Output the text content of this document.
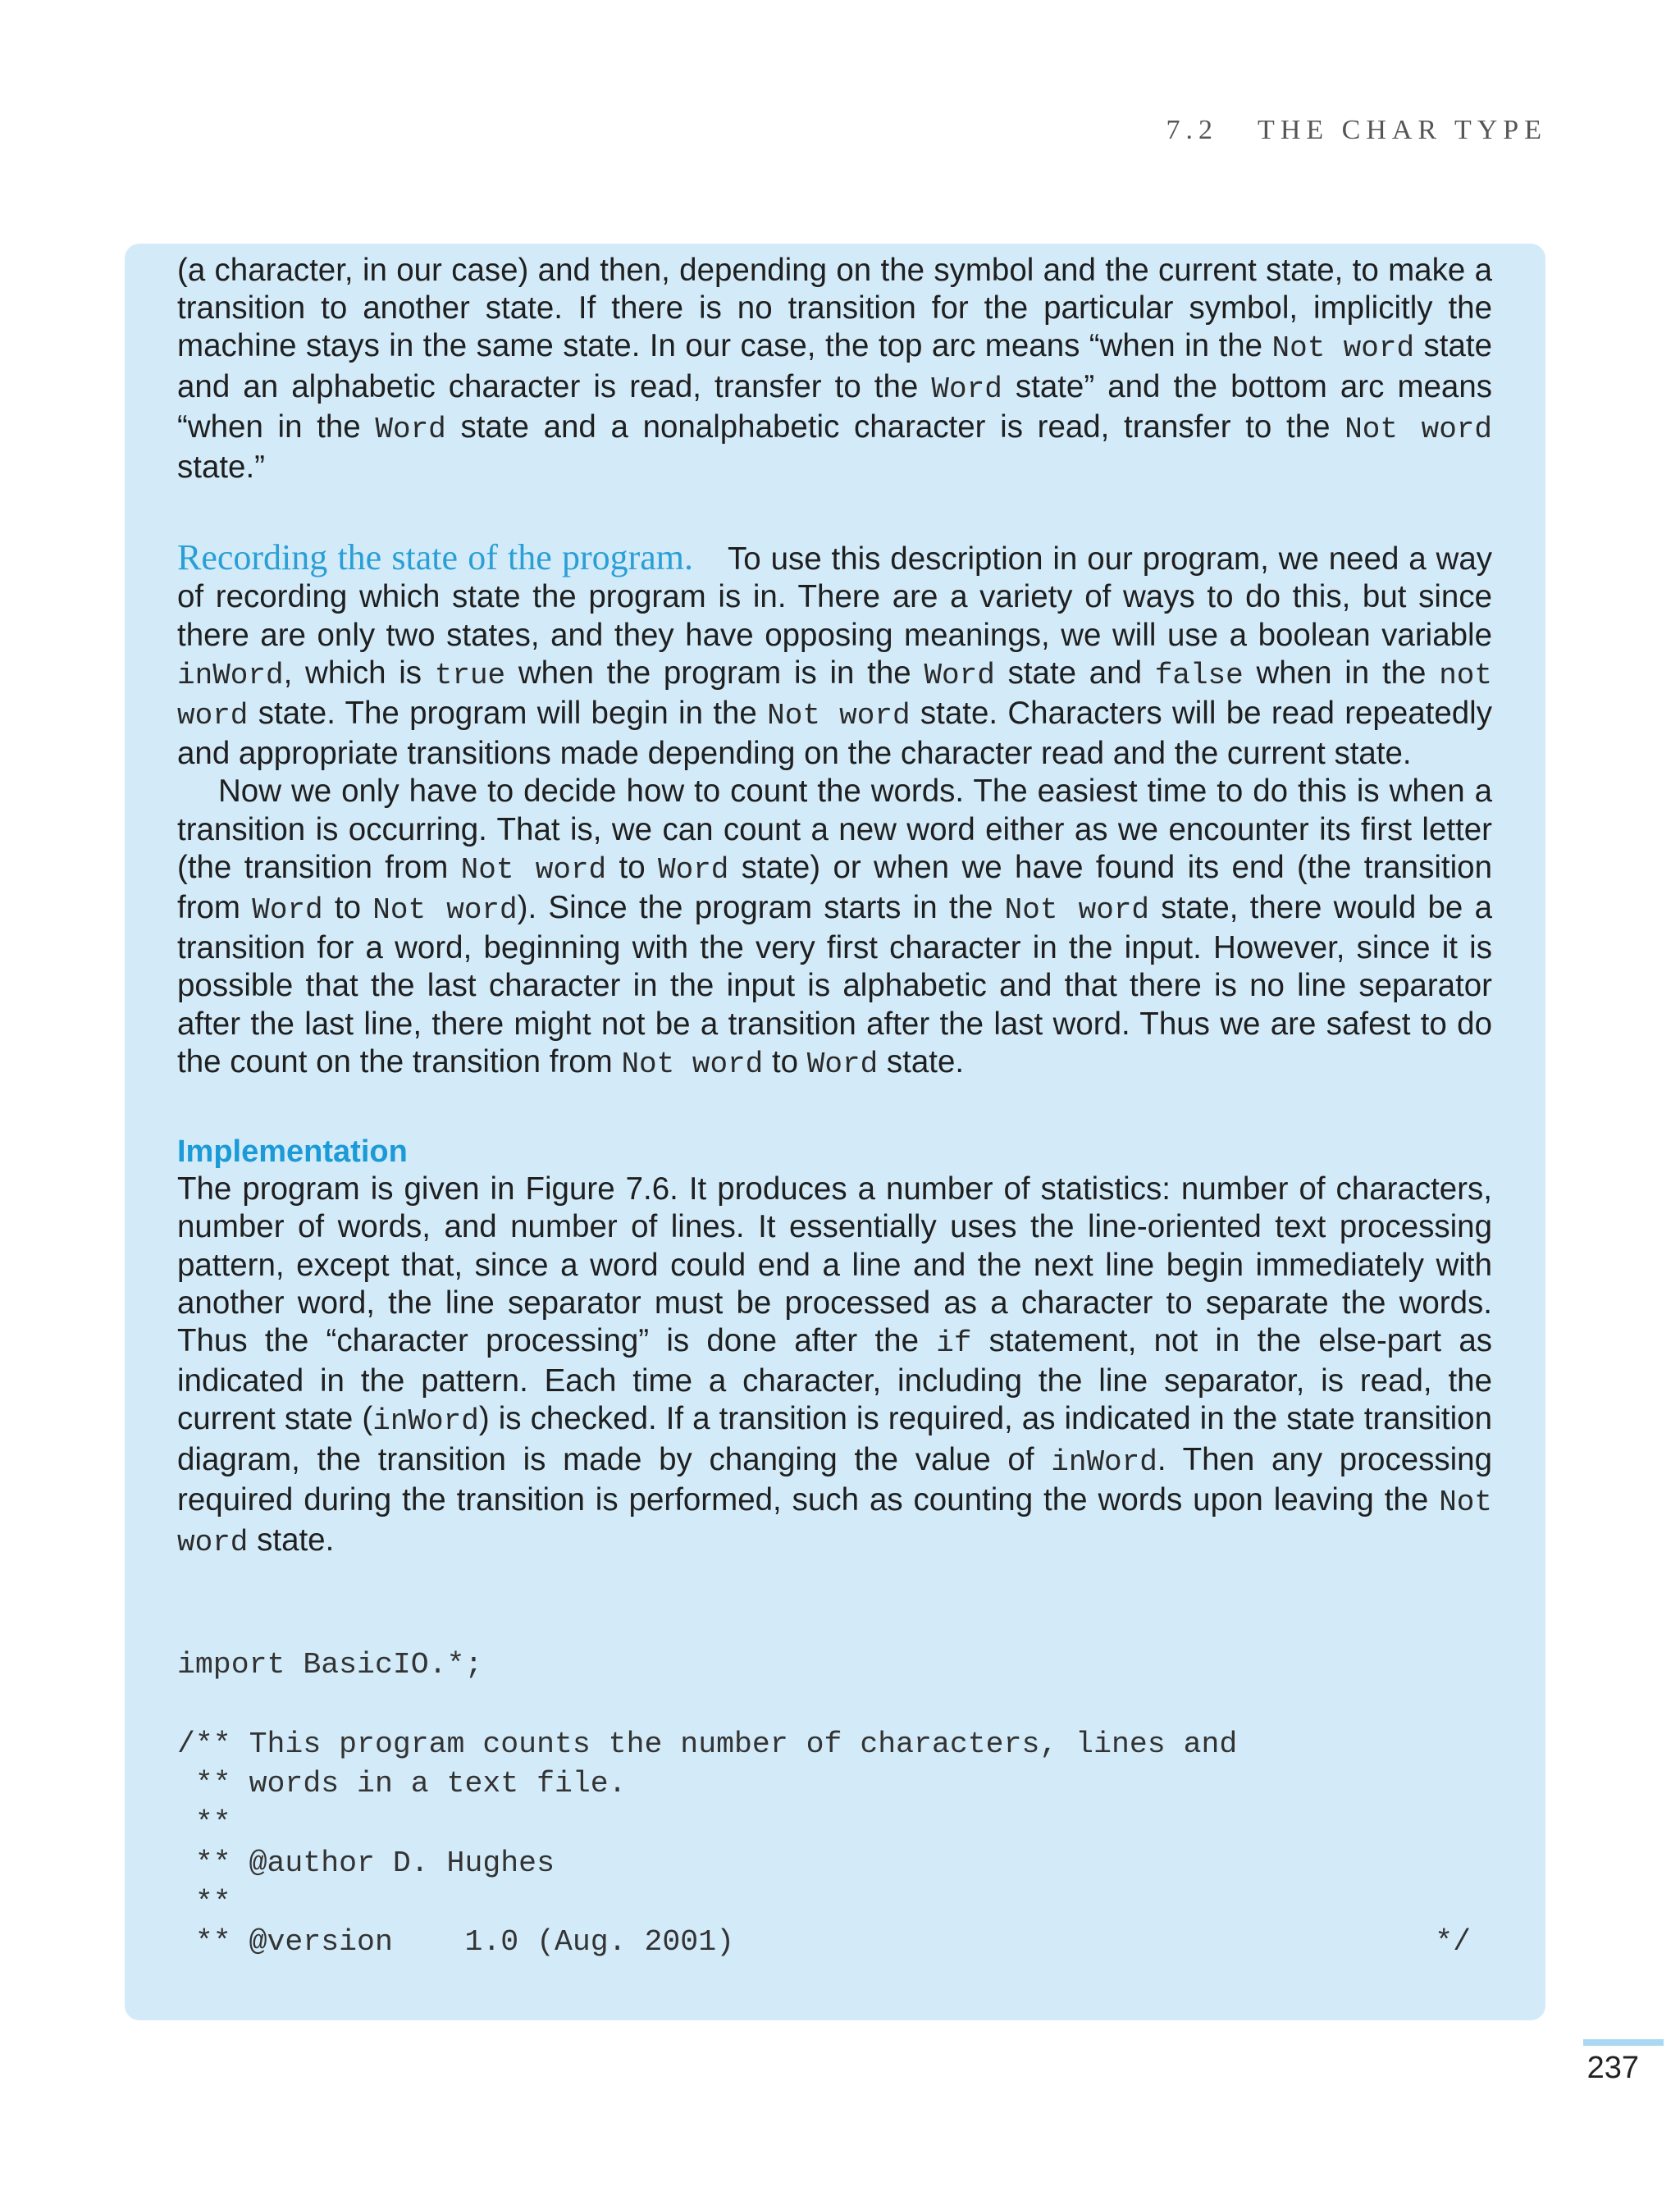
7.2 THE CHAR TYPE

(a character, in our case) and then, depending on the symbol and the current state, to make a transition to another state. If there is no transition for the particular symbol, implicitly the machine stays in the same state. In our case, the top arc means “when in the Not word state and an alphabetic character is read, transfer to the Word state” and the bottom arc means “when in the Word state and a nonalphabetic character is read, transfer to the Not word state.”

Recording the state of the program. To use this description in our program, we need a way of recording which state the program is in. There are a variety of ways to do this, but since there are only two states, and they have opposing meanings, we will use a boolean variable inWord, which is true when the program is in the Word state and false when in the not word state. The program will begin in the Not word state. Characters will be read repeatedly and appropriate transitions made depending on the character read and the current state.

Now we only have to decide how to count the words. The easiest time to do this is when a transition is occurring. That is, we can count a new word either as we encounter its first letter (the transition from Not word to Word state) or when we have found its end (the transition from Word to Not word). Since the program starts in the Not word state, there would be a transition for a word, beginning with the very first character in the input. However, since it is possible that the last character in the input is alphabetic and that there is no line separator after the last line, there might not be a transition after the last word. Thus we are safest to do the count on the transition from Not word to Word state.

Implementation

The program is given in Figure 7.6. It produces a number of statistics: number of characters, number of words, and number of lines. It essentially uses the line-oriented text processing pattern, except that, since a word could end a line and the next line begin immediately with another word, the line separator must be processed as a character to separate the words. Thus the “character processing” is done after the if statement, not in the else-part as indicated in the pattern. Each time a character, including the line separator, is read, the current state (inWord) is checked. If a transition is required, as indicated in the state transition diagram, the transition is made by changing the value of inWord. Then any processing required during the transition is performed, such as counting the words upon leaving the Not word state.

import BasicIO.*;
/** This program counts the number of characters, lines and
** words in a text file.
**
** @author D. Hughes
**
** @version    1.0 (Aug. 2001)	*/
237
